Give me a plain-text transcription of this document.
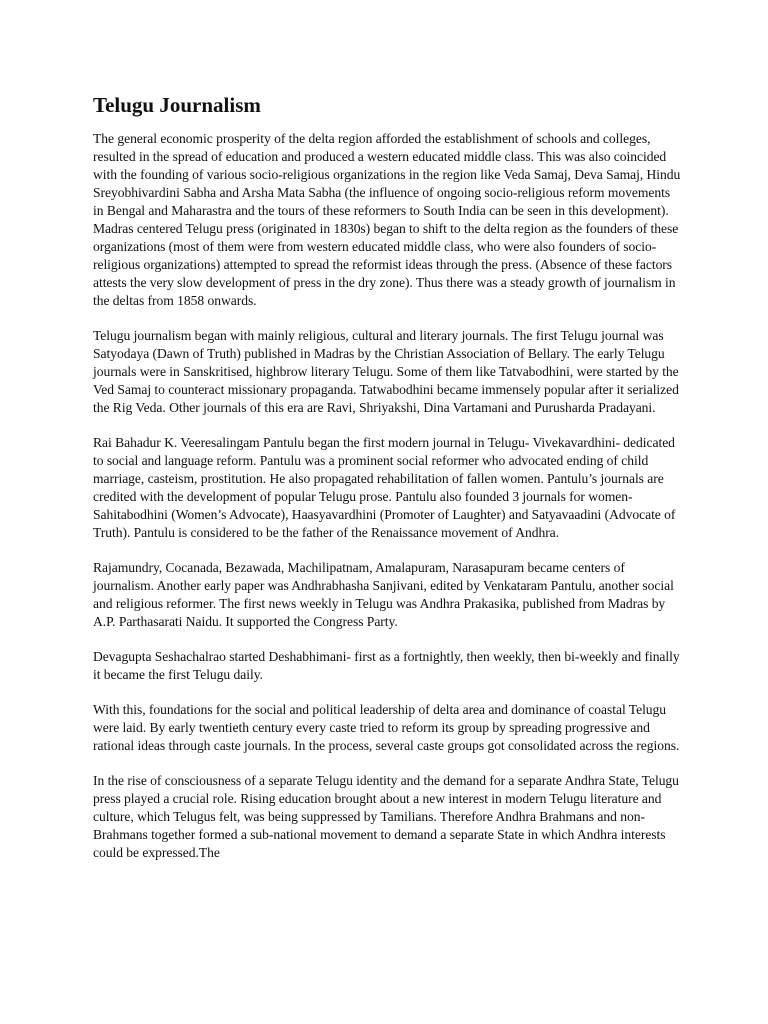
Telugu Journalism

The general economic prosperity of the delta region afforded the establishment of schools and colleges, resulted in the spread of education and produced a western educated middle class. This was also coincided with the founding of various socio-religious organizations in the region like Veda Samaj, Deva Samaj, Hindu Sreyobhivardini Sabha and Arsha Mata Sabha (the influence of ongoing socio-religious reform movements in Bengal and Maharastra and the tours of these reformers to South India can be seen in this development). Madras centered Telugu press (originated in 1830s) began to shift to the delta region as the founders of these organizations (most of them were from western educated middle class, who were also founders of socio-religious organizations) attempted to spread the reformist ideas through the press. (Absence of these factors attests the very slow development of press in the dry zone). Thus there was a steady growth of journalism in the deltas from 1858 onwards.

Telugu journalism began with mainly religious, cultural and literary journals. The first Telugu journal was Satyodaya (Dawn of Truth) published in Madras by the Christian Association of Bellary. The early Telugu journals were in Sanskritised, highbrow literary Telugu. Some of them like Tatvabodhini, were started by the Ved Samaj to counteract missionary propaganda. Tatwabodhini became immensely popular after it serialized the Rig Veda. Other journals of this era are Ravi, Shriyakshi, Dina Vartamani and Purusharda Pradayani.

Rai Bahadur K. Veeresalingam Pantulu began the first modern journal in Telugu- Vivekavardhini- dedicated to social and language reform. Pantulu was a prominent social reformer who advocated ending of child marriage, casteism, prostitution. He also propagated rehabilitation of fallen women. Pantulu’s journals are credited with the development of popular Telugu prose. Pantulu also founded 3 journals for women- Sahitabodhini (Women’s Advocate), Haasyavardhini (Promoter of Laughter) and Satyavaadini (Advocate of Truth). Pantulu is considered to be the father of the Renaissance movement of Andhra.

Rajamundry, Cocanada, Bezawada, Machilipatnam, Amalapuram, Narasapuram became centers of journalism. Another early paper was Andhrabhasha Sanjivani, edited by Venkataram Pantulu, another social and religious reformer. The first news weekly in Telugu was Andhra Prakasika, published from Madras by A.P. Parthasarati Naidu. It supported the Congress Party.

Devagupta Seshachalrao started Deshabhimani- first as a fortnightly, then weekly, then bi-weekly and finally it became the first Telugu daily.

With this, foundations for the social and political leadership of delta area and dominance of coastal Telugu were laid. By early twentieth century every caste tried to reform its group by spreading progressive and rational ideas through caste journals. In the process, several caste groups got consolidated across the regions.

In the rise of consciousness of a separate Telugu identity and the demand for a separate Andhra State, Telugu press played a crucial role. Rising education brought about a new interest in modern Telugu literature and culture, which Telugus felt, was being suppressed by Tamilians. Therefore Andhra Brahmans and non-Brahmans together formed a sub-national movement to demand a separate State in which Andhra interests could be expressed.The
